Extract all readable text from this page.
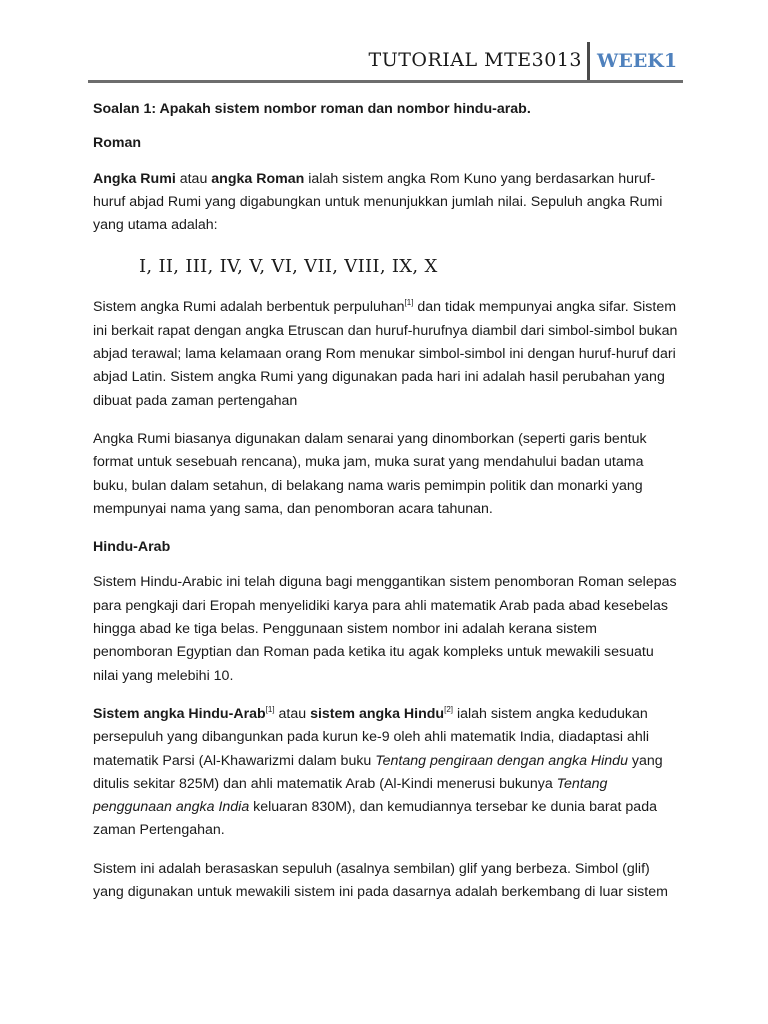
TUTORIAL MTE3013 WEEK1

Soalan 1: Apakah sistem nombor roman dan nombor hindu-arab.

Roman

Angka Rumi atau angka Roman ialah sistem angka Rom Kuno yang berdasarkan huruf-huruf abjad Rumi yang digabungkan untuk menunjukkan jumlah nilai. Sepuluh angka Rumi yang utama adalah:

I, II, III, IV, V, VI, VII, VIII, IX, X

Sistem angka Rumi adalah berbentuk perpuluhan[1] dan tidak mempunyai angka sifar. Sistem ini berkait rapat dengan angka Etruscan dan huruf-hurufnya diambil dari simbol-simbol bukan abjad terawal; lama kelamaan orang Rom menukar simbol-simbol ini dengan huruf-huruf dari abjad Latin. Sistem angka Rumi yang digunakan pada hari ini adalah hasil perubahan yang dibuat pada zaman pertengahan

Angka Rumi biasanya digunakan dalam senarai yang dinomborkan (seperti garis bentuk format untuk sesebuah rencana), muka jam, muka surat yang mendahului badan utama buku, bulan dalam setahun, di belakang nama waris pemimpin politik dan monarki yang mempunyai nama yang sama, dan penomboran acara tahunan.

Hindu-Arab

Sistem Hindu-Arabic ini telah diguna bagi menggantikan sistem penomboran Roman selepas para pengkaji dari Eropah menyelidiki karya para ahli matematik Arab pada abad kesebelas hingga abad ke tiga belas. Penggunaan sistem nombor ini adalah kerana sistem penomboran Egyptian dan Roman pada ketika itu agak kompleks untuk mewakili sesuatu nilai yang melebihi 10.

Sistem angka Hindu-Arab[1] atau sistem angka Hindu[2] ialah sistem angka kedudukan persepuluh yang dibangunkan pada kurun ke-9 oleh ahli matematik India, diadaptasi ahli matematik Parsi (Al-Khawarizmi dalam buku Tentang pengiraan dengan angka Hindu yang ditulis sekitar 825M) dan ahli matematik Arab (Al-Kindi menerusi bukunya Tentang penggunaan angka India keluaran 830M), dan kemudiannya tersebar ke dunia barat pada zaman Pertengahan.

Sistem ini adalah berasaskan sepuluh (asalnya sembilan) glif yang berbeza. Simbol (glif) yang digunakan untuk mewakili sistem ini pada dasarnya adalah berkembang di luar sistem
